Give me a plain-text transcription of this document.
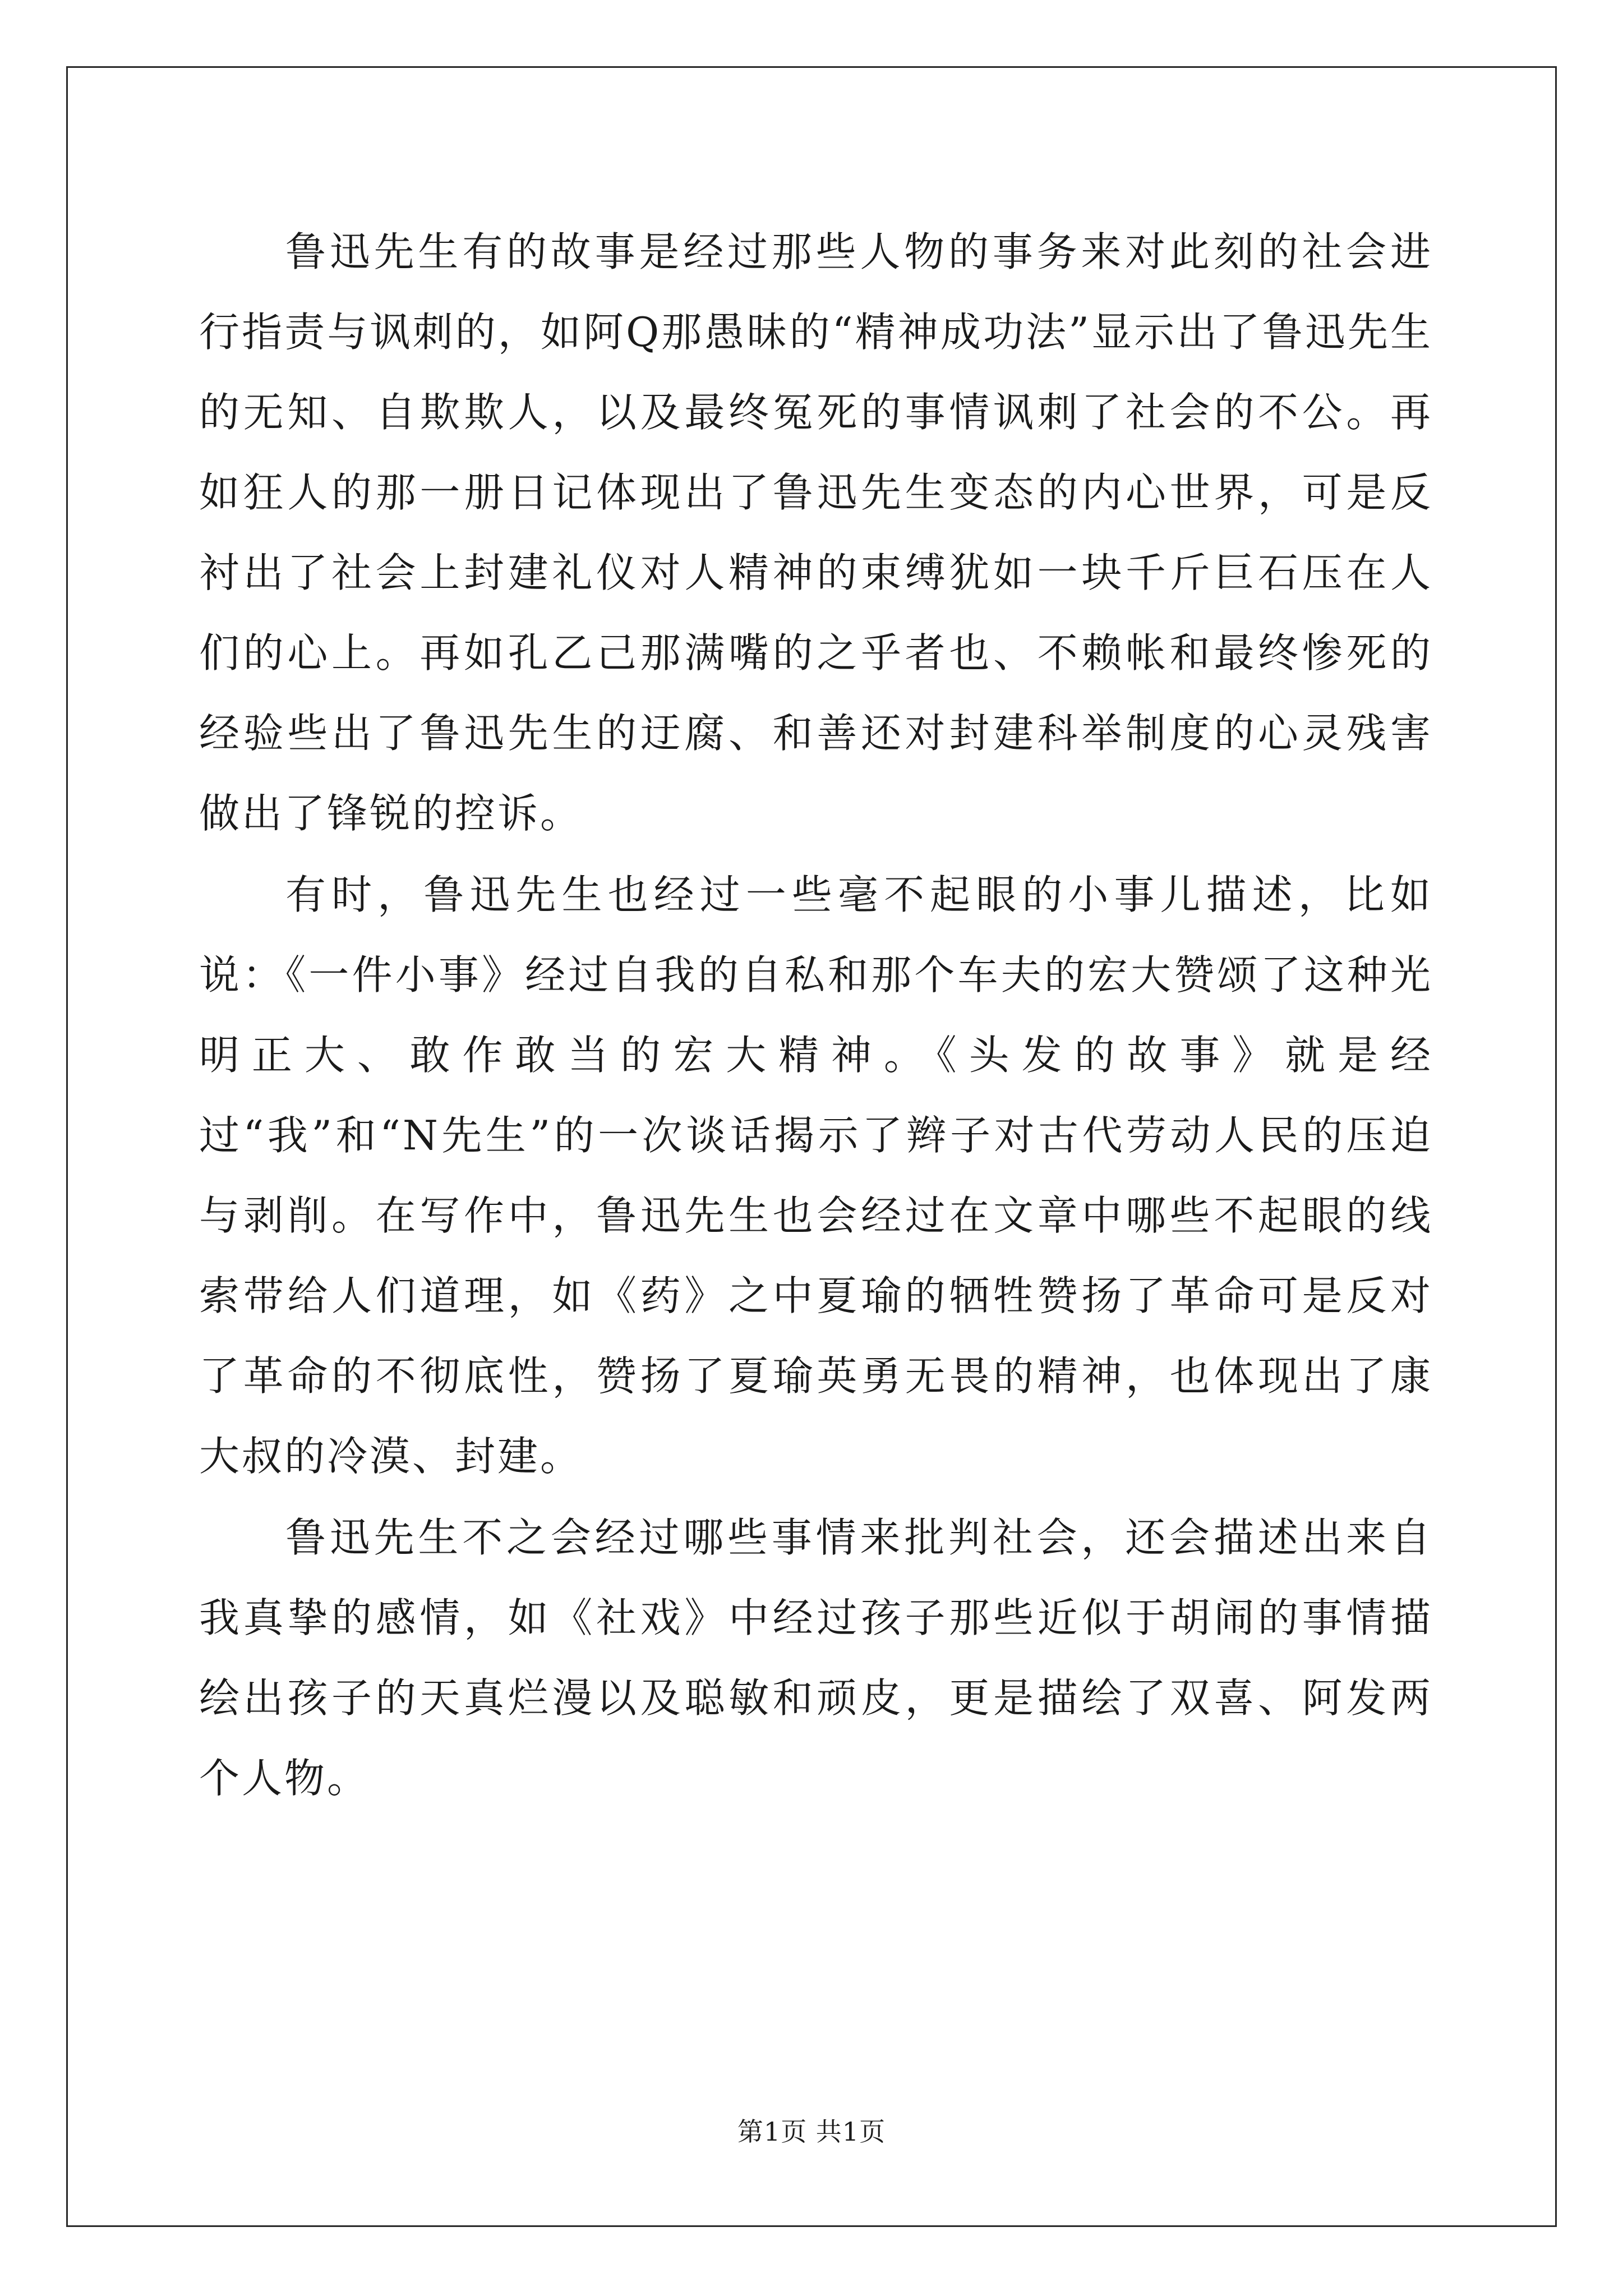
鲁迅先生有的故事是经过那些人物的事务来对此刻的社会进行指责与讽刺的，如阿Q那愚昧的“精神成功法”显示出了鲁迅先生的无知、自欺欺人，以及最终冤死的事情讽刺了社会的不公。再如狂人的那一册日记体现出了鲁迅先生变态的内心世界，可是反衬出了社会上封建礼仪对人精神的束缚犹如一块千斤巨石压在人们的心上。再如孔乙己那满嘴的之乎者也、不赖帐和最终惨死的经验些出了鲁迅先生的迂腐、和善还对封建科举制度的心灵残害做出了锋锐的控诉。

有时，鲁迅先生也经过一些毫不起眼的小事儿描述，比如说：《一件小事》经过自我的自私和那个车夫的宏大赞颂了这种光明正大、敢作敢当的宏大精神。《头发的故事》就是经过“我”和“N先生”的一次谈话揭示了辫子对古代劳动人民的压迫与剥削。在写作中，鲁迅先生也会经过在文章中哪些不起眼的线索带给人们道理，如《药》之中夏瑜的牺牲赞扬了革命可是反对了革命的不彻底性，赞扬了夏瑜英勇无畏的精神，也体现出了康大叔的冷漠、封建。

鲁迅先生不之会经过哪些事情来批判社会，还会描述出来自我真挚的感情，如《社戏》中经过孩子那些近似于胡闹的事情描绘出孩子的天真烂漫以及聪敏和顽皮，更是描绘了双喜、阿发两个人物。

第1页 共1页
